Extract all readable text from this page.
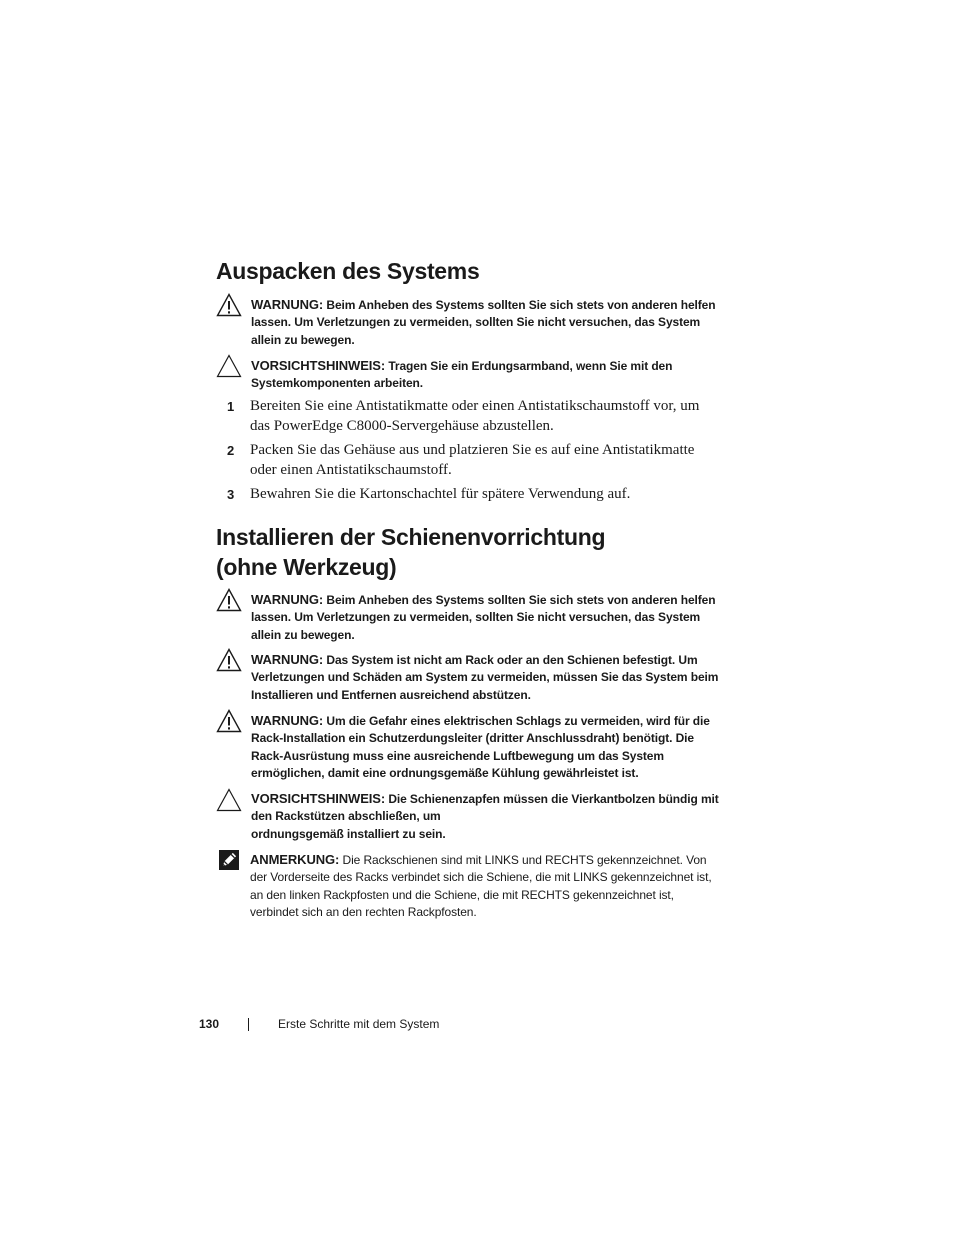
Auspacken des Systems
WARNUNG: Beim Anheben des Systems sollten Sie sich stets von anderen helfen lassen. Um Verletzungen zu vermeiden, sollten Sie nicht versuchen, das System allein zu bewegen.
VORSICHTSHINWEIS: Tragen Sie ein Erdungsarmband, wenn Sie mit den Systemkomponenten arbeiten.
1 Bereiten Sie eine Antistatikmatte oder einen Antistatikschaumstoff vor, um das PowerEdge C8000-Servergehäuse abzustellen.
2 Packen Sie das Gehäuse aus und platzieren Sie es auf eine Antistatikmatte oder einen Antistatikschaumstoff.
3 Bewahren Sie die Kartonschachtel für spätere Verwendung auf.
Installieren der Schienenvorrichtung
(ohne Werkzeug)
WARNUNG: Beim Anheben des Systems sollten Sie sich stets von anderen helfen lassen. Um Verletzungen zu vermeiden, sollten Sie nicht versuchen, das System allein zu bewegen.
WARNUNG: Das System ist nicht am Rack oder an den Schienen befestigt. Um Verletzungen und Schäden am System zu vermeiden, müssen Sie das System beim Installieren und Entfernen ausreichend abstützen.
WARNUNG: Um die Gefahr eines elektrischen Schlags zu vermeiden, wird für die Rack-Installation ein Schutzerdungsleiter (dritter Anschlussdraht) benötigt. Die Rack-Ausrüstung muss eine ausreichende Luftbewegung um das System ermöglichen, damit eine ordnungsgemäße Kühlung gewährleistet ist.
VORSICHTSHINWEIS: Die Schienenzapfen müssen die Vierkantbolzen bündig mit den Rackstützen abschließen, um
ordnungsgemäß installiert zu sein.
ANMERKUNG: Die Rackschienen sind mit LINKS und RECHTS gekennzeichnet. Von der Vorderseite des Racks verbindet sich die Schiene, die mit LINKS gekennzeichnet ist, an den linken Rackpfosten und die Schiene, die mit RECHTS gekennzeichnet ist, verbindet sich an den rechten Rackpfosten.
130	Erste Schritte mit dem System
